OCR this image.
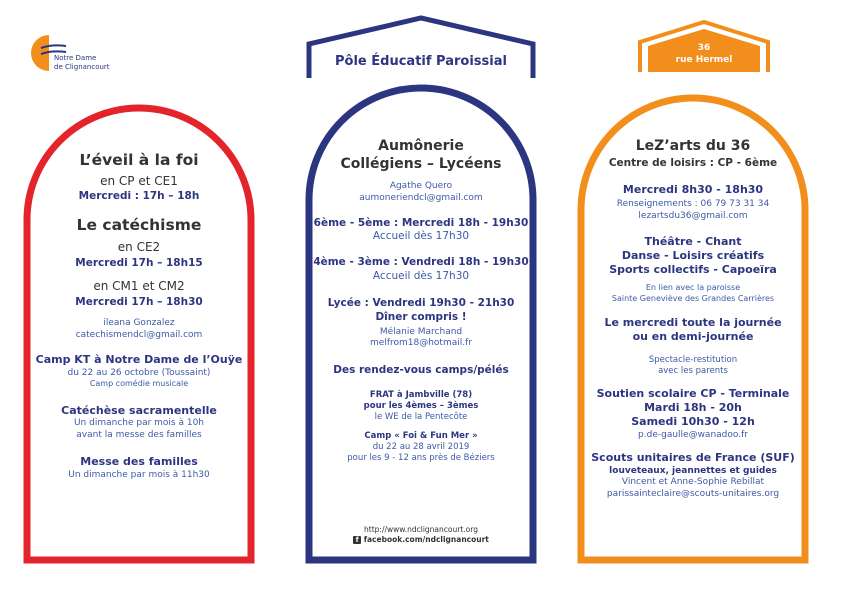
Notre Dame
de Clignancourt	Pôle Éducatif Paroissial
36
rue Hermel
L’éveil à la foi
en CP et CE1
Mercredi : 17h – 18h
Le catéchisme
en CE2
Mercredi 17h – 18h15
en CM1 et CM2
Mercredi 17h – 18h30
ileana Gonzalez
catechismendcl@gmail.com
Camp KT à Notre Dame de l’Ouÿe
du 22 au 26 octobre (Toussaint)
Camp comédie musicale
Catéchèse sacramentelle
Un dimanche par mois à 10h
avant la messe des familles
Messe des familles
Un dimanche par mois à 11h30
Aumônerie
Collégiens – Lycéens
Agathe Quero
aumoneriendcl@gmail.com
6ème - 5ème : Mercredi 18h - 19h30
Accueil dès 17h30
4ème - 3ème : Vendredi 18h - 19h30
Accueil dès 17h30
Lycée : Vendredi 19h30 - 21h30
Dîner compris !
Mélanie Marchand
melfrom18@hotmail.fr
Des rendez-vous camps/pélés
FRAT à Jambville (78)
pour les 4èmes – 3èmes
le WE de la Pentecôte
Camp « Foi & Fun Mer »
du 22 au 28 avril 2019
pour les 9 - 12 ans près de Béziers
http://www.ndclignancourt.org
f facebook.com/ndclignancourt
LeZ’arts du 36
Centre de loisirs : CP - 6ème
Mercredi 8h30 - 18h30
Renseignements : 06 79 73 31 34
lezartsdu36@gmail.com
Théâtre - Chant
Danse - Loisirs créatifs
Sports collectifs - Capoeïra
En lien avec la paroisse
Sainte Geneviève des Grandes Carrières
Le mercredi toute la journée
ou en demi-journée
Spectacle-restitution
avec les parents
Soutien scolaire CP - Terminale
Mardi 18h - 20h
Samedi 10h30 - 12h
p.de-gaulle@wanadoo.fr
Scouts unitaires de France (SUF)
louveteaux, jeannettes et guides
Vincent et Anne-Sophie Rebillat
parissainteclaire@scouts-unitaires.org
